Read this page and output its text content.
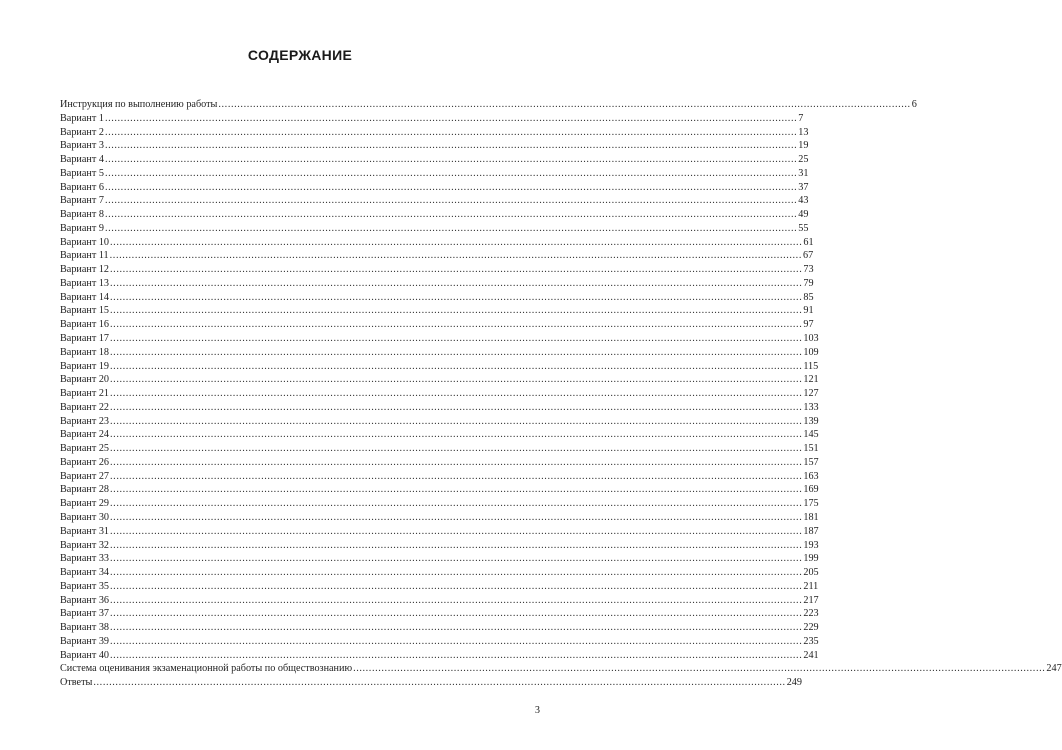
СОДЕРЖАНИЕ
Инструкция по выполнению работы ............................................................................................................................................................................................................................ 6
Вариант 1 ............................................................................................................................................................................................................................ 7
Вариант 2 ............................................................................................................................................................................................................................ 13
Вариант 3 ............................................................................................................................................................................................................................ 19
Вариант 4 ............................................................................................................................................................................................................................ 25
Вариант 5 ............................................................................................................................................................................................................................ 31
Вариант 6 ............................................................................................................................................................................................................................ 37
Вариант 7 ............................................................................................................................................................................................................................ 43
Вариант 8 ............................................................................................................................................................................................................................ 49
Вариант 9 ............................................................................................................................................................................................................................ 55
Вариант 10 ............................................................................................................................................................................................................................ 61
Вариант 11 ............................................................................................................................................................................................................................ 67
Вариант 12 ............................................................................................................................................................................................................................ 73
Вариант 13 ............................................................................................................................................................................................................................ 79
Вариант 14 ............................................................................................................................................................................................................................ 85
Вариант 15 ............................................................................................................................................................................................................................ 91
Вариант 16 ............................................................................................................................................................................................................................ 97
Вариант 17 ............................................................................................................................................................................................................................ 103
Вариант 18 ............................................................................................................................................................................................................................ 109
Вариант 19 ............................................................................................................................................................................................................................ 115
Вариант 20 ............................................................................................................................................................................................................................ 121
Вариант 21 ............................................................................................................................................................................................................................ 127
Вариант 22 ............................................................................................................................................................................................................................ 133
Вариант 23 ............................................................................................................................................................................................................................ 139
Вариант 24 ............................................................................................................................................................................................................................ 145
Вариант 25 ............................................................................................................................................................................................................................ 151
Вариант 26 ............................................................................................................................................................................................................................ 157
Вариант 27 ............................................................................................................................................................................................................................ 163
Вариант 28 ............................................................................................................................................................................................................................ 169
Вариант 29 ............................................................................................................................................................................................................................ 175
Вариант 30 ............................................................................................................................................................................................................................ 181
Вариант 31 ............................................................................................................................................................................................................................ 187
Вариант 32 ............................................................................................................................................................................................................................ 193
Вариант 33 ............................................................................................................................................................................................................................ 199
Вариант 34 ............................................................................................................................................................................................................................ 205
Вариант 35 ............................................................................................................................................................................................................................ 211
Вариант 36 ............................................................................................................................................................................................................................ 217
Вариант 37 ............................................................................................................................................................................................................................ 223
Вариант 38 ............................................................................................................................................................................................................................ 229
Вариант 39 ............................................................................................................................................................................................................................ 235
Вариант 40 ............................................................................................................................................................................................................................ 241
Система оценивания экзаменационной работы по обществознанию ............................................................................................................................................................................................................................ 247
Ответы ............................................................................................................................................................................................................................ 249
3
